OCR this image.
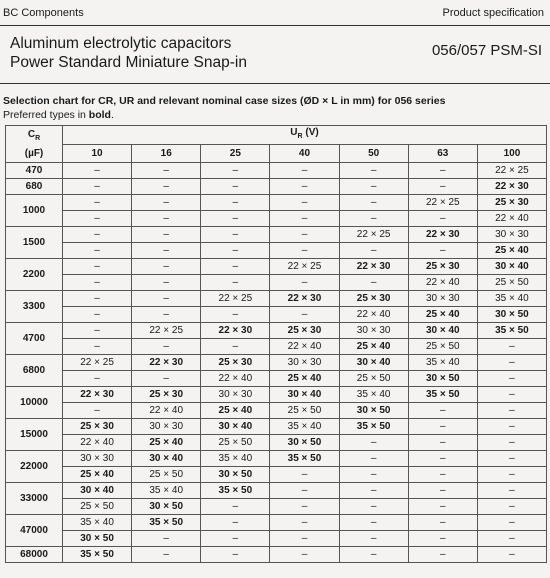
BC Components	Product specification
Aluminum electrolytic capacitors
Power Standard Miniature Snap-in
056/057 PSM-SI
Selection chart for CR, UR and relevant nominal case sizes (ØD × L in mm) for 056 series
Preferred types in bold.
$C_R$
(µF)	$U_R$ (V)						
	10	16	25	40	50	63	100
470	–	–	–	–	–	–	22 × 25
680	–	–	–	–	–	–	22 × 30
1000	–	–	–	–	–	22 × 25	25 × 30
	–	–	–	–	–	–	22 × 40
1500	–	–	–	–	22 × 25	22 × 30	30 × 30
	–	–	–	–	–	–	25 × 40
2200	–	–	–	22 × 25	22 × 30	25 × 30	30 × 40
	–	–	–	–	–	22 × 40	25 × 50
3300	–	–	22 × 25	22 × 30	25 × 30	30 × 30	35 × 40
	–	–	–	–	22 × 40	25 × 40	30 × 50
4700	–	22 × 25	22 × 30	25 × 30	30 × 30	30 × 40	35 × 50
	–	–	–	22 × 40	25 × 40	25 × 50	–
6800	22 × 25	22 × 30	25 × 30	30 × 30	30 × 40	35 × 40	–
	–	–	22 × 40	25 × 40	25 × 50	30 × 50	–
10000	22 × 30	25 × 30	30 × 30	30 × 40	35 × 40	35 × 50	–
	–	22 × 40	25 × 40	25 × 50	30 × 50	–	–
15000	25 × 30	30 × 30	30 × 40	35 × 40	35 × 50	–	–
	22 × 40	25 × 40	25 × 50	30 × 50	–	–	–
22000	30 × 30	30 × 40	35 × 40	35 × 50	–	–	–
	25 × 40	25 × 50	30 × 50	–	–	–	–
33000	30 × 40	35 × 40	35 × 50	–	–	–	–
	25 × 50	30 × 50	–	–	–	–	–
47000	35 × 40	35 × 50	–	–	–	–	–
	30 × 50	–	–	–	–	–	–
68000	35 × 50	–	–	–	–	–	–
